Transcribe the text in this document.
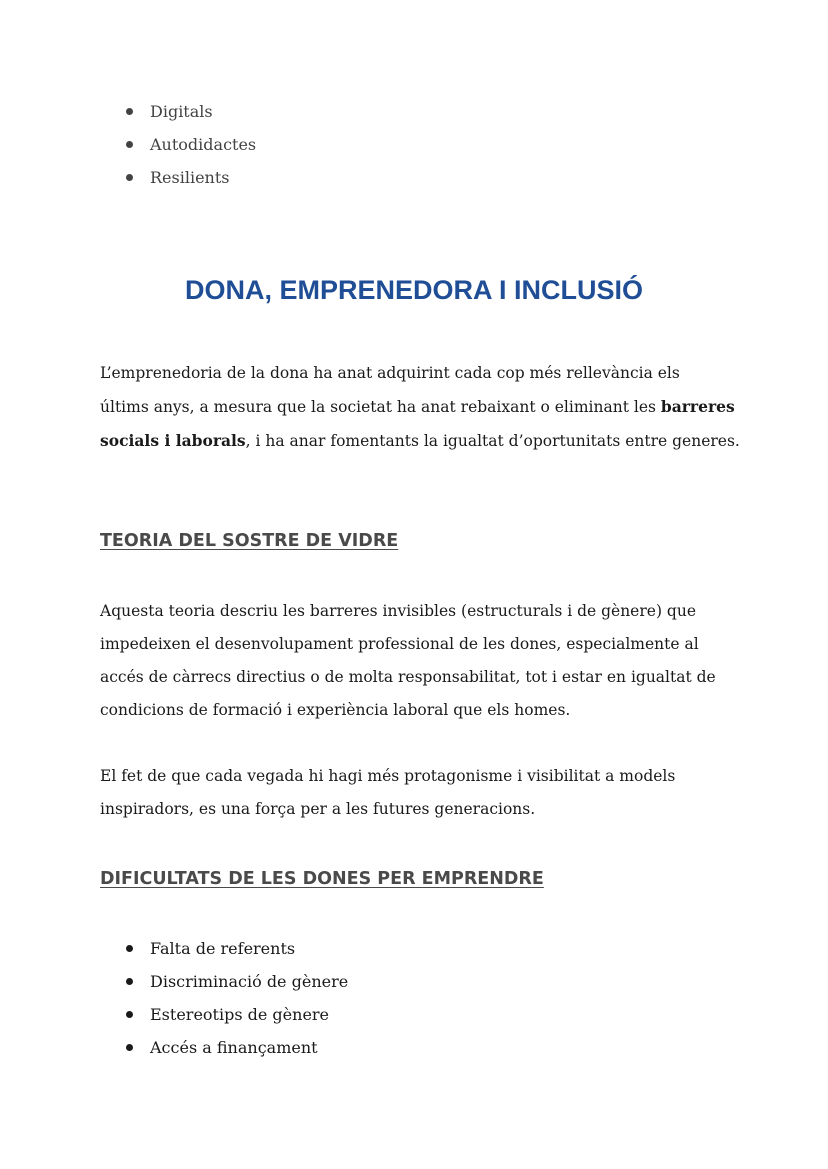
Digitals
Autodidactes
Resilients
DONA, EMPRENEDORA I INCLUSIÓ

L’emprenedoria de la dona ha anat adquirint cada cop més rellevància els
últims anys, a mesura que la societat ha anat rebaixant o eliminant les barreres
socials i laborals, i ha anar fomentants la igualtat d’oportunitats entre generes.

TEORIA DEL SOSTRE DE VIDRE

Aquesta teoria descriu les barreres invisibles (estructurals i de gènere) que
impedeixen el desenvolupament professional de les dones, especialmente al
accés de càrrecs directius o de molta responsabilitat, tot i estar en igualtat de
condicions de formació i experiència laboral que els homes.

El fet de que cada vegada hi hagi més protagonisme i visibilitat a models
inspiradors, es una força per a les futures generacions.

DIFICULTATS DE LES DONES PER EMPRENDRE
Falta de referents
Discriminació de gènere
Estereotips de gènere
Accés a finançament
